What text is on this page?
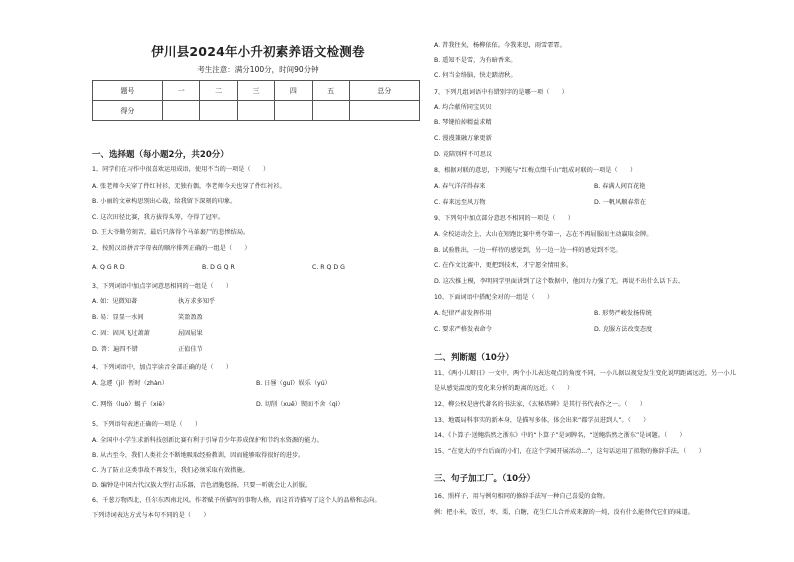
伊川县2024年小升初素养语文检测卷
考生注意：满分100分，时间90分钟
题号	一	二	三	四	五	总分
得分						
一、选择题（每小题2分，共20分）
1、同学们在习作中很喜欢运用成语，使用不当的一项是（　　）
A. 张老师今天穿了件红衬衫，无独有偶，李老师今天也穿了件红衬衫。
B. 小丽的文章构思别出心裁，给我留下深刻的印象。
C. 这次田径比赛，我方拔得头筹，夺得了冠军。
D. 王大爷勤劳刻苦，最后只落得个马革裹尸的悲惨结局。
2、按照汉语拼音字母表的顺序排列正确的一组是（　　）
A. Q G R D	B. D G Q R	C. R Q D G
3、下列词语中加点字词意思相同的一组是（　　）
A. 如：见微知著	执方求多知乎
B. 易：显显一水间	笑盈盈盈
C. 固：固风飞过萧萧	屈固屈果
D. 普：遍四不错	正值佳节
4、下列词语中，加点字读音全部正确的是（　　）
A. 急遽（jí）暂时（zhàn）	B. 日晷（guǐ）娱乐（yú）
C. 网络（luò）蝎子（xiē）	D. 切削（xuē）锲而不舍（qì）
5、下列语句表述正确的一项是（　　）
A. 全国中小学生求新科技创新比赛有利于引导青少年养成保护和节约水资源的能力。
B. 从古至今，我们人类社会不断地吸取经验教训，因而能够取得很好的进步。
C. 为了防止这类事故不再发生，我们必须采取有效措施。
D. 编钟是中国古代汉族大型打击乐器，音色清脆悠扬，只要一听就会让人折服。
6、千葱万物西北，任尔东西南北风。作者赋予所描写的事物人格，而这首诗描写了这个人的品格和志向。
下列诗词表达方式与本句不同的是（　　）
A. 昔我往矣，杨柳依依。今我来思，雨雪霏霏。
B. 遥知不是雪，为有暗香来。
C. 何当金络脑，快走踏清秋。
7、下列几组词语中有错别字的是哪一项（　　）
A. 均合献所同宝贝贝
B. 琴键拍掉精益求精
C. 漫漫兼融万象更新
D. 竞陪别样不可思议
8、根据对联的意思，下列能与“红梅点缀千山”组成对联的一项是（　　）
A. 春气洋洋得春来	B. 春满人间百花艳
C. 春来远至风万物	D. 一帆风顺春常在
9、下列句中加点部分意思不相同的一项是（　　）
A. 全校运动会上，大山在短跑比赛中勇夺第一，志在不再屈服而主动赢取金牌。
B. 试验胜出，一边一样待的感觉到，另一边一边一样的感觉到不完。
C. 在作文比赛中，更把到技术，才宁愿全情用多。
D. 这次推上模，李明同学里面讲到了这个数据中，他因力力强了无，再说不出什么话下去。
10、下面词语中搭配全对的一组是（　　）
A. 纪律严肃发挥作用	B. 形势严峻发扬传统
C. 要求严格发表命令	D. 克服方法改变态度
二、判断题（10分）
11、《两小儿辩日》一文中，两个小儿表达观点的角度不同，一小儿据以视觉发生变化说明距离远近，另一小儿
是从感觉温度的变化来分析的距离的远近。（　　）
12、柳公权是唐代著名的书法家，《玄秘塔碑》是其行书代表作之一。（　　）
13、地震局科事实的新本身，是描写多体，体会出来“都学员进到人”。（　　）
14、《卜算子·送鲍浩然之浙东》中的“卜算子”是词牌名，“送鲍浩然之浙东”是词题。（　　）
15、“在宽大的平台后面的小们，在这个学园开展活动...”，这句话运用了拟物的修辞手法。（　　）
三、句子加工厂。（10分）
16、照样子，用与例句相同的修辞手法写一种自己喜爱的食物。
例：把小米，饭豆，枣，栗，白糖，花生仁儿合并成来源的一炖，没有什么能替代它们的味道。
